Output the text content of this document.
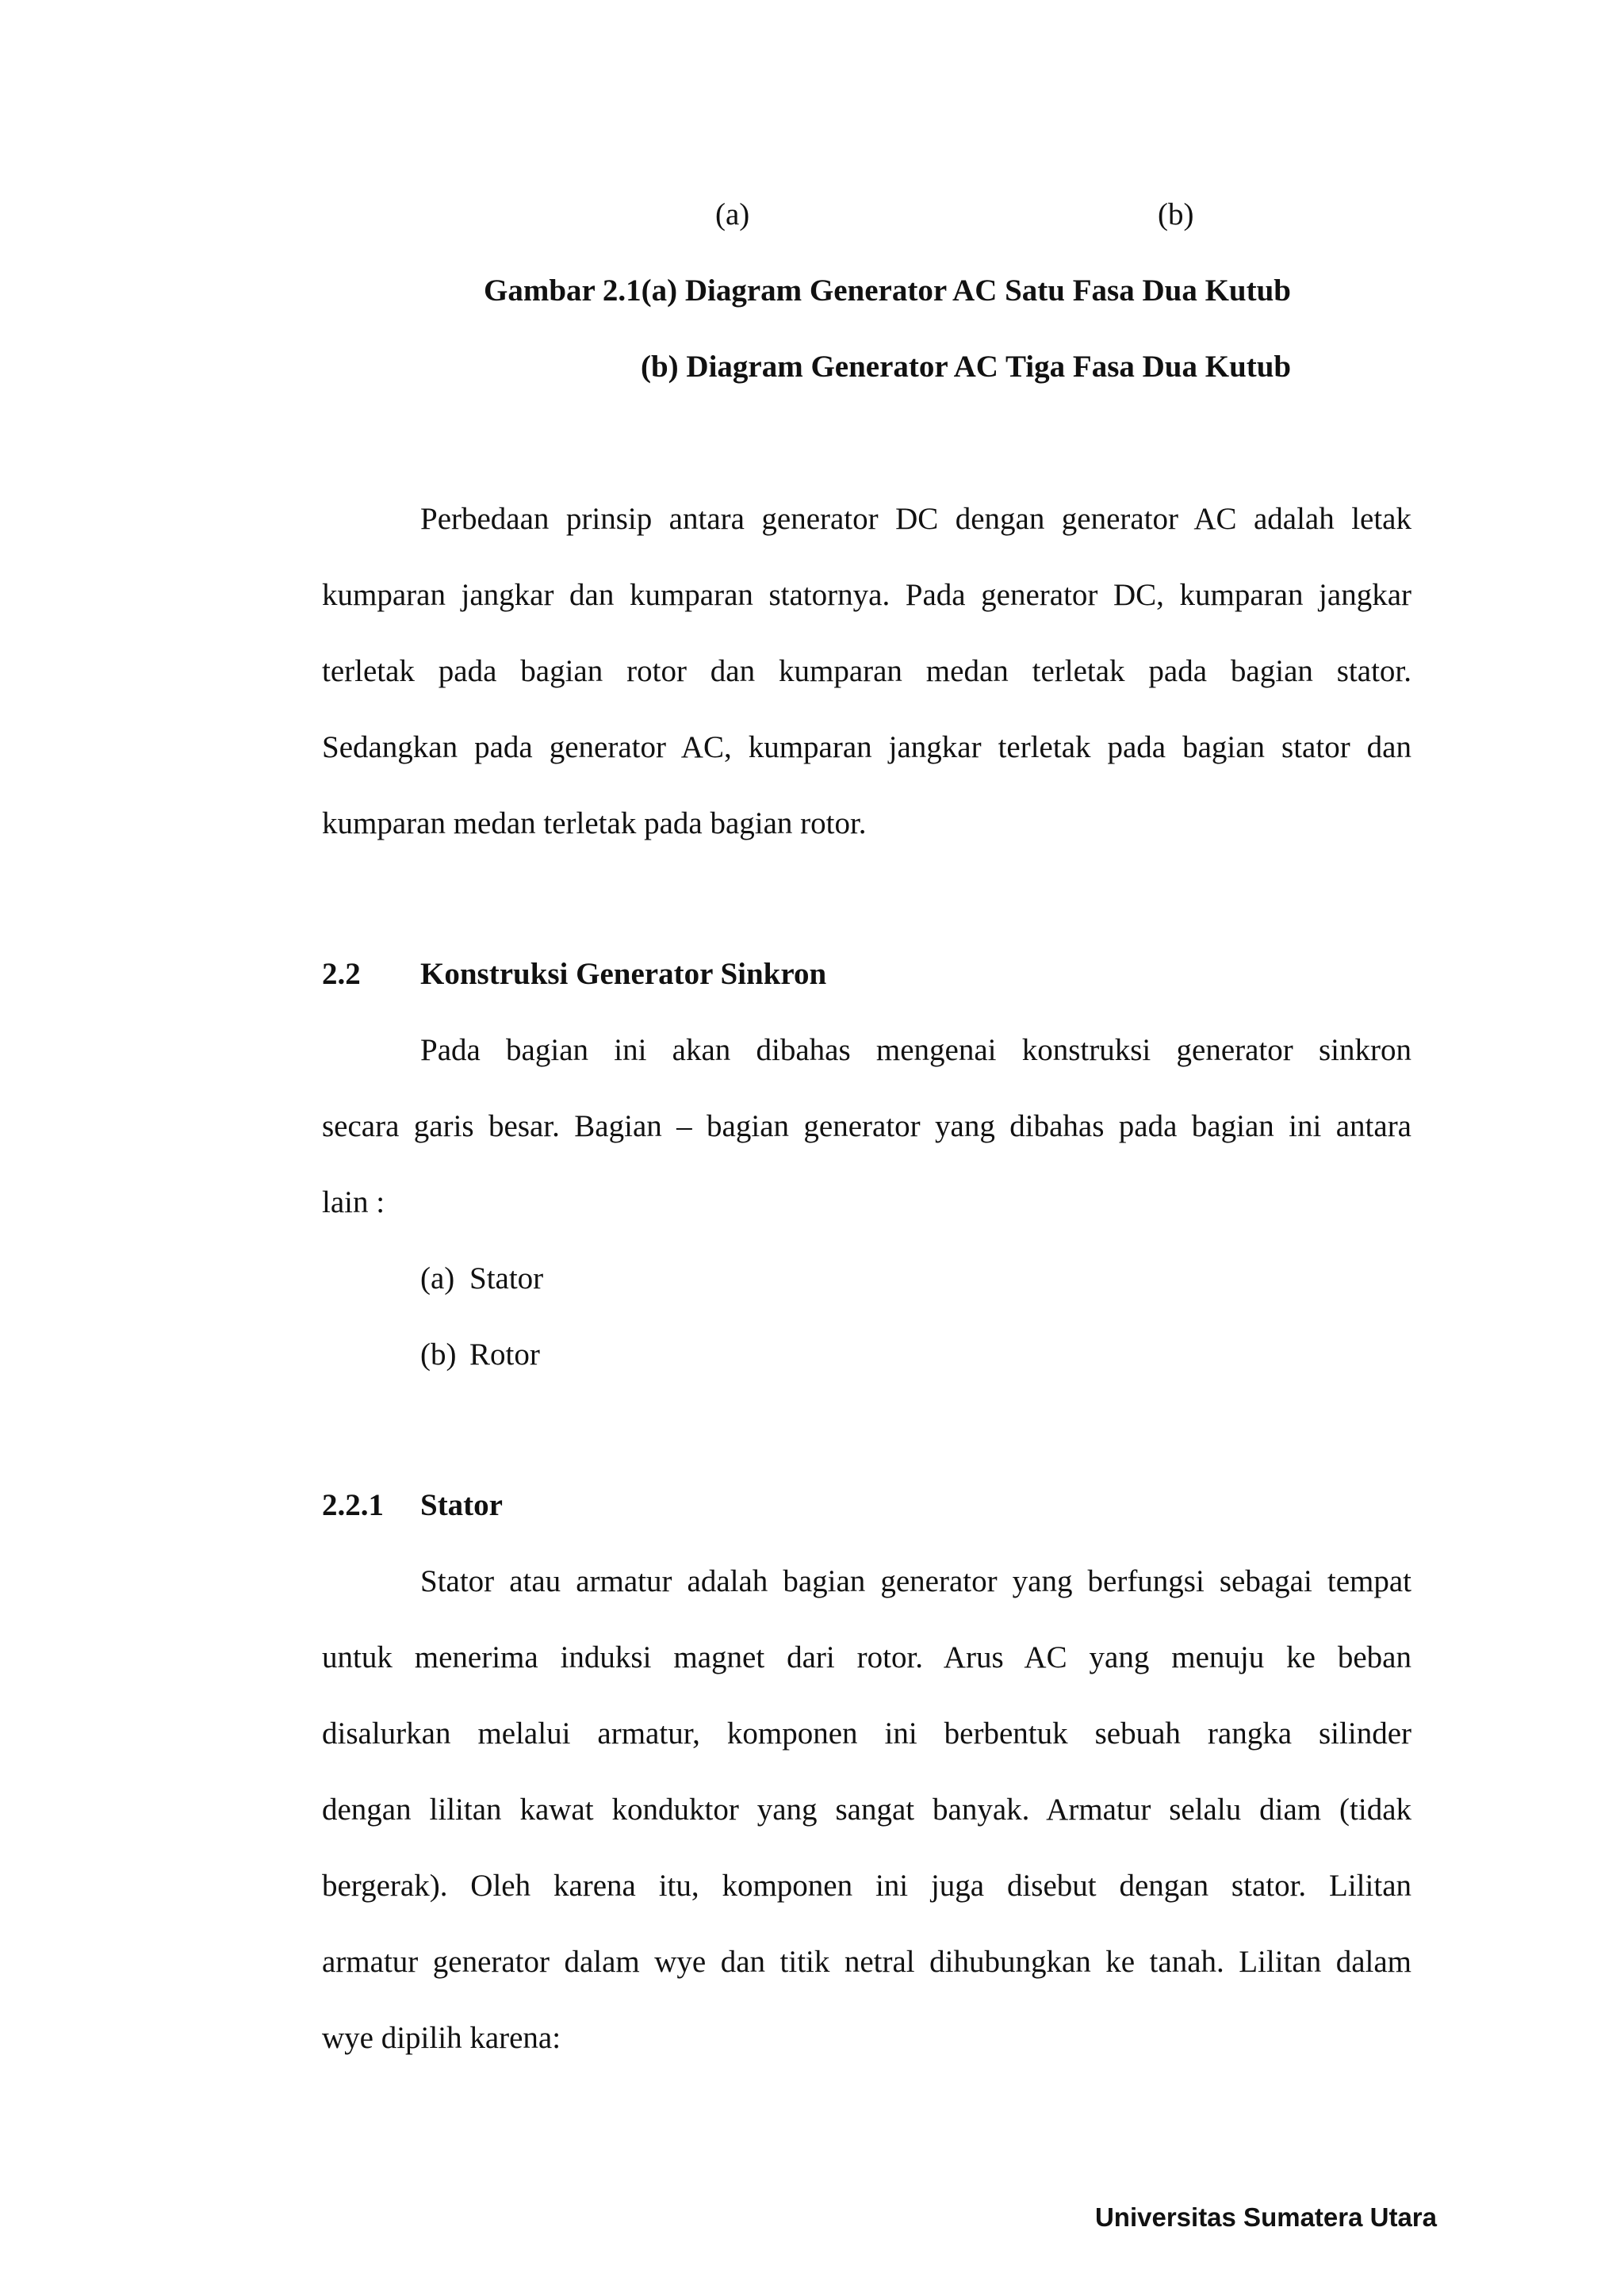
(a)	(b)
Gambar 2.1(a) Diagram Generator AC Satu Fasa Dua Kutub
(b) Diagram Generator AC Tiga Fasa Dua Kutub
Perbedaan prinsip antara generator DC dengan generator AC adalah letak
kumparan jangkar dan kumparan statornya. Pada generator DC, kumparan jangkar
terletak pada bagian rotor dan kumparan medan terletak pada bagian stator.
Sedangkan pada generator AC, kumparan jangkar terletak pada bagian stator dan
kumparan medan terletak pada bagian rotor.
2.2 Konstruksi Generator Sinkron
Pada bagian ini akan dibahas mengenai konstruksi generator sinkron
secara garis besar. Bagian – bagian generator yang dibahas pada bagian ini antara
lain :
(a) Stator
(b) Rotor
2.2.1 Stator
Stator atau armatur adalah bagian generator yang berfungsi sebagai tempat
untuk menerima induksi magnet dari rotor. Arus AC yang menuju ke beban
disalurkan melalui armatur, komponen ini berbentuk sebuah rangka silinder
dengan lilitan kawat konduktor yang sangat banyak. Armatur selalu diam (tidak
bergerak). Oleh karena itu, komponen ini juga disebut dengan stator. Lilitan
armatur generator dalam wye dan titik netral dihubungkan ke tanah. Lilitan dalam
wye dipilih karena:
Universitas Sumatera Utara
